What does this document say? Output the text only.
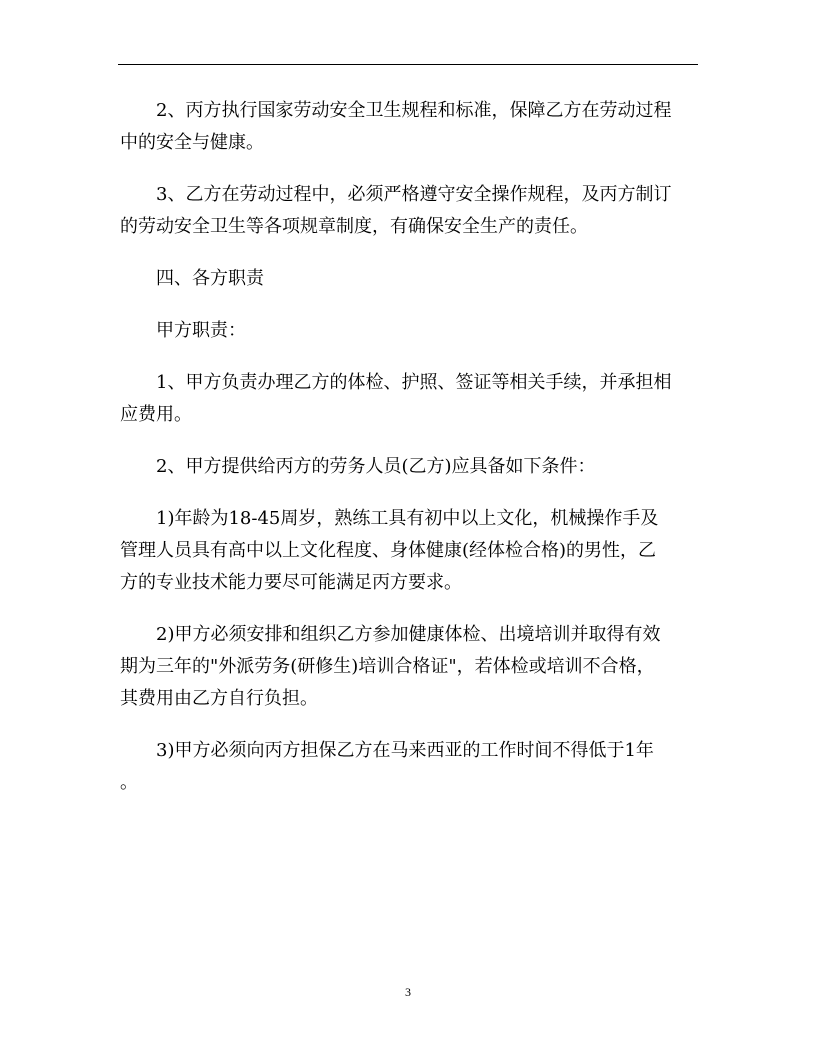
2、丙方执行国家劳动安全卫生规程和标准，保障乙方在劳动过程
中的安全与健康。

3、乙方在劳动过程中，必须严格遵守安全操作规程，及丙方制订
的劳动安全卫生等各项规章制度，有确保安全生产的责任。

四、各方职责

甲方职责：

1、甲方负责办理乙方的体检、护照、签证等相关手续，并承担相
应费用。

2、甲方提供给丙方的劳务人员(乙方)应具备如下条件：

1)年龄为18-45周岁，熟练工具有初中以上文化，机械操作手及
管理人员具有高中以上文化程度、身体健康(经体检合格)的男性，乙
方的专业技术能力要尽可能满足丙方要求。

2)甲方必须安排和组织乙方参加健康体检、出境培训并取得有效
期为三年的"外派劳务(研修生)培训合格证"，若体检或培训不合格，
其费用由乙方自行负担。

3)甲方必须向丙方担保乙方在马来西亚的工作时间不得低于1年
。

3
